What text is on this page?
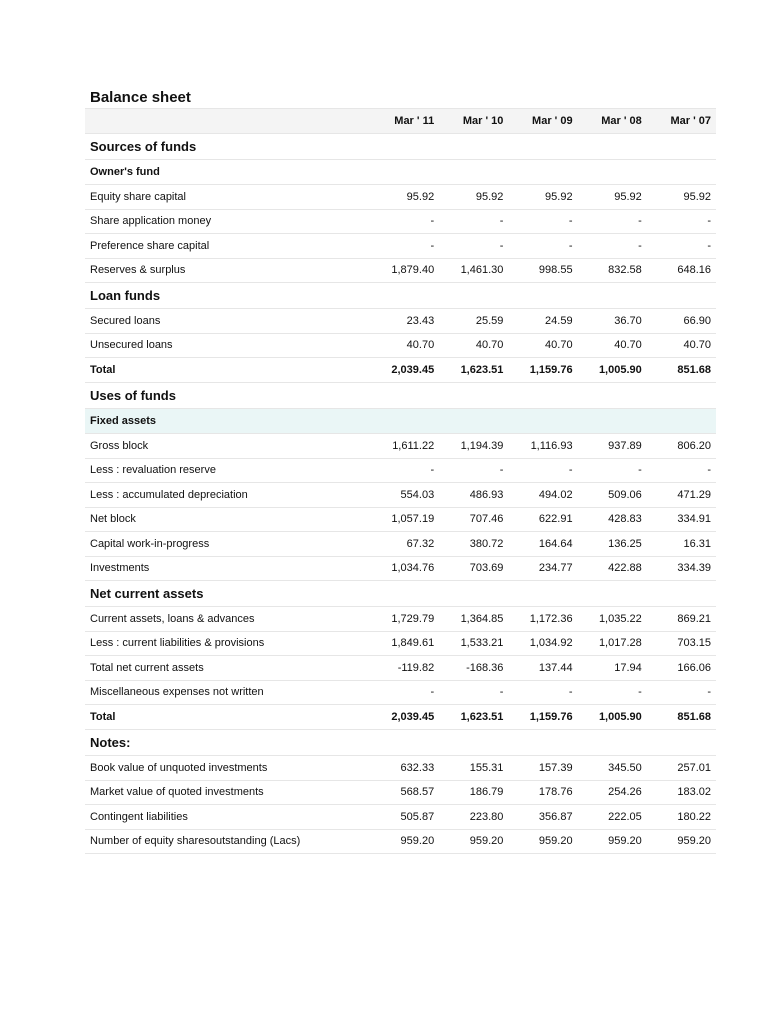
Balance sheet
	Mar ' 11	Mar ' 10	Mar ' 09	Mar ' 08	Mar ' 07
Sources of funds					
Owner's fund					
Equity share capital	95.92	95.92	95.92	95.92	95.92
Share application money	-	-	-	-	-
Preference share capital	-	-	-	-	-
Reserves & surplus	1,879.40	1,461.30	998.55	832.58	648.16
Loan funds					
Secured loans	23.43	25.59	24.59	36.70	66.90
Unsecured loans	40.70	40.70	40.70	40.70	40.70
Total	2,039.45	1,623.51	1,159.76	1,005.90	851.68
Uses of funds					
Fixed assets					
Gross block	1,611.22	1,194.39	1,116.93	937.89	806.20
Less : revaluation reserve	-	-	-	-	-
Less : accumulated depreciation	554.03	486.93	494.02	509.06	471.29
Net block	1,057.19	707.46	622.91	428.83	334.91
Capital work-in-progress	67.32	380.72	164.64	136.25	16.31
Investments	1,034.76	703.69	234.77	422.88	334.39
Net current assets					
Current assets, loans & advances	1,729.79	1,364.85	1,172.36	1,035.22	869.21
Less : current liabilities & provisions	1,849.61	1,533.21	1,034.92	1,017.28	703.15
Total net current assets	-119.82	-168.36	137.44	17.94	166.06
Miscellaneous expenses not written	-	-	-	-	-
Total	2,039.45	1,623.51	1,159.76	1,005.90	851.68
Notes:					
Book value of unquoted investments	632.33	155.31	157.39	345.50	257.01
Market value of quoted investments	568.57	186.79	178.76	254.26	183.02
Contingent liabilities	505.87	223.80	356.87	222.05	180.22
Number of equity sharesoutstanding (Lacs)	959.20	959.20	959.20	959.20	959.20
